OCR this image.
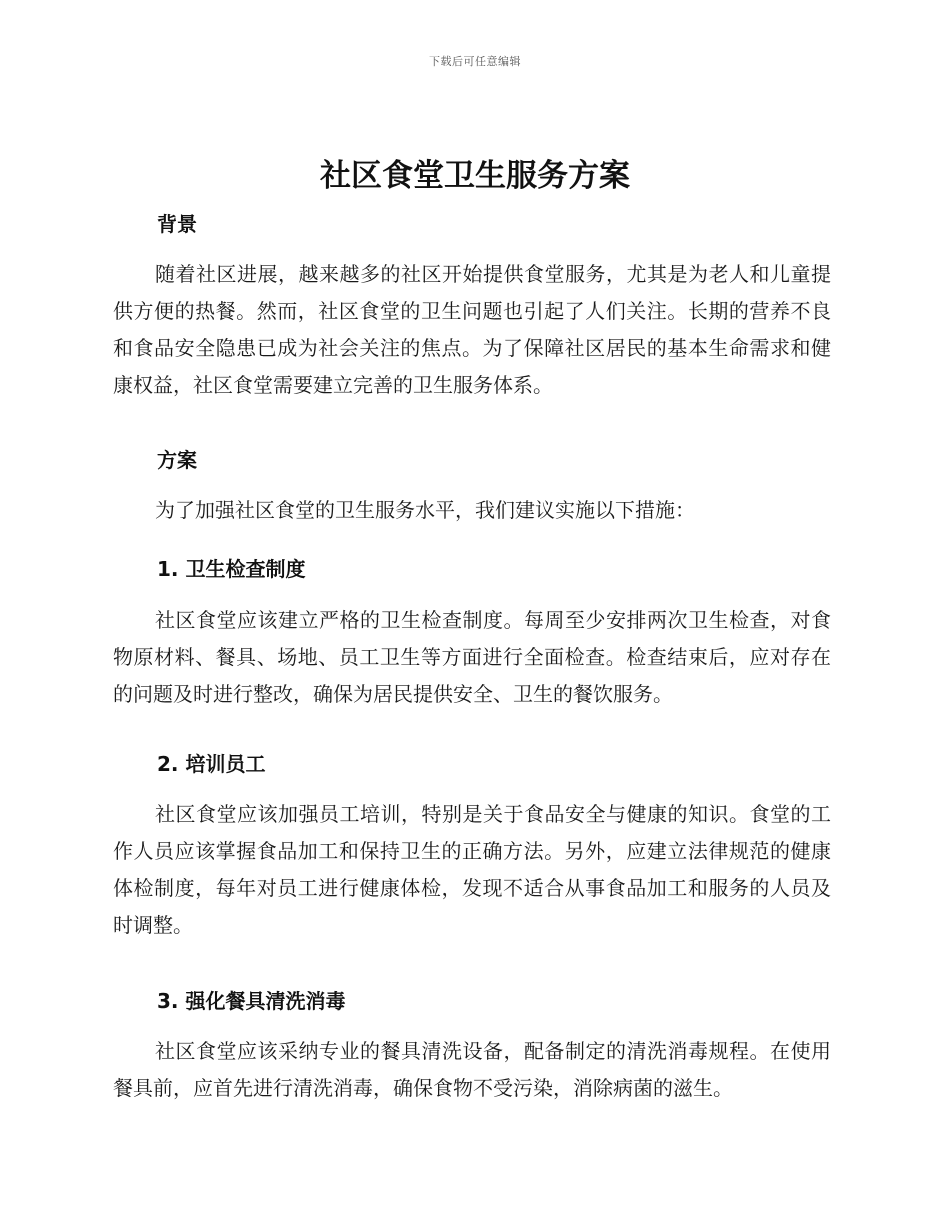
下载后可任意编辑
社区食堂卫生服务方案
背景

随着社区进展，越来越多的社区开始提供食堂服务，尤其是为老人和儿童提供方便的热餐。然而，社区食堂的卫生问题也引起了人们关注。长期的营养不良和食品安全隐患已成为社会关注的焦点。为了保障社区居民的基本生命需求和健康权益，社区食堂需要建立完善的卫生服务体系。

方案

为了加强社区食堂的卫生服务水平，我们建议实施以下措施：

1. 卫生检查制度

社区食堂应该建立严格的卫生检查制度。每周至少安排两次卫生检查，对食物原材料、餐具、场地、员工卫生等方面进行全面检查。检查结束后，应对存在的问题及时进行整改，确保为居民提供安全、卫生的餐饮服务。

2. 培训员工

社区食堂应该加强员工培训，特别是关于食品安全与健康的知识。食堂的工作人员应该掌握食品加工和保持卫生的正确方法。另外，应建立法律规范的健康体检制度，每年对员工进行健康体检，发现不适合从事食品加工和服务的人员及时调整。

3. 强化餐具清洗消毒

社区食堂应该采纳专业的餐具清洗设备，配备制定的清洗消毒规程。在使用餐具前，应首先进行清洗消毒，确保食物不受污染，消除病菌的滋生。
